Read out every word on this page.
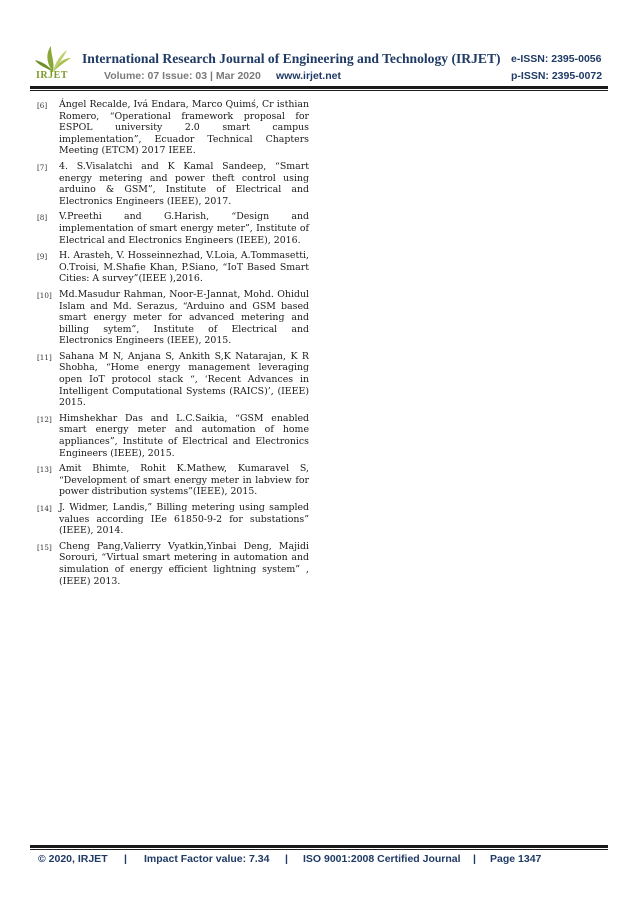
IRJET
International Research Journal of Engineering and Technology (IRJET) e-ISSN: 2395-0056
Volume: 07 Issue: 03 | Mar 2020 www.irjet.net	p-ISSN: 2395-0072
[6]	Ángel Recalde, Ivá Endara, Marco Quimś, Cr isthian Romero, “Operational framework proposal for ESPOL university 2.0 smart campus implementation”, Ecuador Technical Chapters Meeting (ETCM) 2017 IEEE.
[7]	4. S.Visalatchi and K Kamal Sandeep, “Smart energy metering and power theft control using arduino & GSM”, Institute of Electrical and Electronics Engineers (IEEE), 2017.
[8]	V.Preethi and G.Harish, “Design and implementation of smart energy meter”, Institute of Electrical and Electronics Engineers (IEEE), 2016.
[9]	H. Arasteh, V. Hosseinnezhad, V.Loia, A.Tommasetti, O.Troisi, M.Shafie Khan, P.Siano, “IoT Based Smart Cities: A survey”(IEEE ),2016.
[10] Md.Masudur Rahman, Noor-E-Jannat, Mohd. Ohidul Islam and Md. Serazus, “Arduino and GSM based smart energy meter for advanced metering and billing sytem”, Institute of Electrical and Electronics Engineers (IEEE), 2015.
[11] Sahana M N, Anjana S, Ankith S,K Natarajan, K R Shobha, “Home energy management leveraging open IoT protocol stack “, ‘Recent Advances in Intelligent Computational Systems (RAICS)’, (IEEE) 2015.
[12] Himshekhar Das and L.C.Saikia, “GSM enabled smart energy meter and automation of home appliances”, Institute of Electrical and Electronics Engineers (IEEE), 2015.
[13] Amit Bhimte, Rohit K.Mathew, Kumaravel S, “Development of smart energy meter in labview for power distribution systems”(IEEE), 2015.
[14] J. Widmer, Landis,” Billing metering using sampled values according IEe 61850-9-2 for substations” (IEEE), 2014.
[15] Cheng Pang,Valierry Vyatkin,Yinbai Deng, Majidi Sorouri, “Virtual smart metering in automation and simulation of energy efficient lightning system” , (IEEE) 2013.
© 2020, IRJET | Impact Factor value: 7.34 | ISO 9001:2008 Certified Journal | Page 1347
